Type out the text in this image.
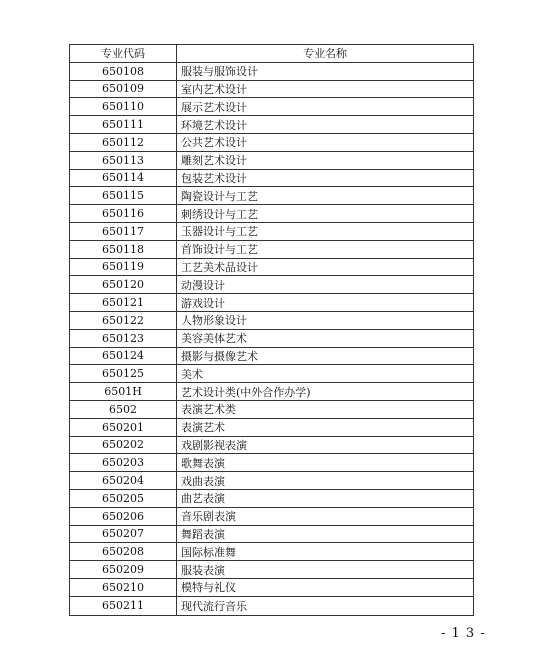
专业代码	专业名称
650108	服装与服饰设计
650109	室内艺术设计
650110	展示艺术设计
650111	环境艺术设计
650112	公共艺术设计
650113	雕刻艺术设计
650114	包装艺术设计
650115	陶瓷设计与工艺
650116	刺绣设计与工艺
650117	玉器设计与工艺
650118	首饰设计与工艺
650119	工艺美术品设计
650120	动漫设计
650121	游戏设计
650122	人物形象设计
650123	美容美体艺术
650124	摄影与摄像艺术
650125	美术
6501H	艺术设计类(中外合作办学)
6502	表演艺术类
650201	表演艺术
650202	戏剧影视表演
650203	歌舞表演
650204	戏曲表演
650205	曲艺表演
650206	音乐剧表演
650207	舞蹈表演
650208	国际标准舞
650209	服装表演
650210	模特与礼仪
650211	现代流行音乐
- 1 3 -
